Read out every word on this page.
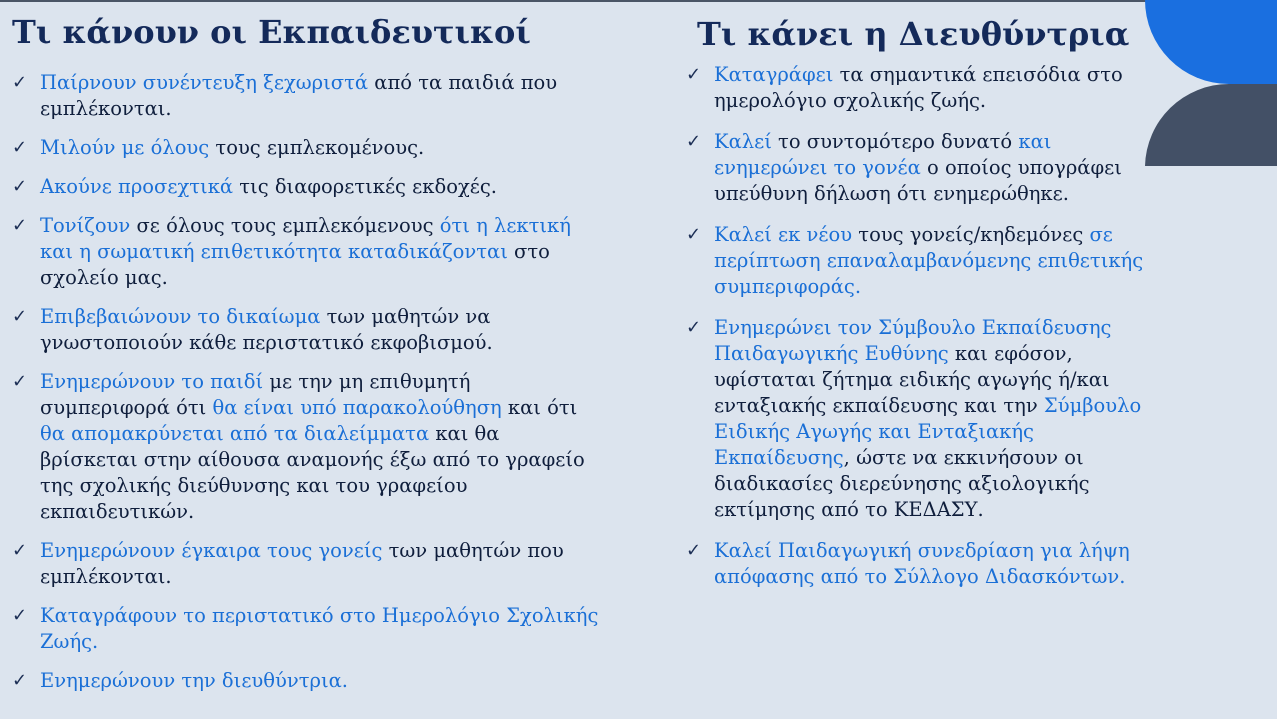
Τι κάνουν οι Εκπαιδευτικοί	Τι κάνει η Διευθύντρια
✓ Παίρνουν συνέντευξη ξεχωριστά από τα παιδιά που εμπλέκονται.
✓ Μιλούν με όλους τους εμπλεκομένους.
✓ Ακούνε προσεχτικά τις διαφορετικές εκδοχές.
✓ Τονίζουν σε όλους τους εμπλεκόμενους ότι η λεκτική και η σωματική επιθετικότητα καταδικάζονται στο σχολείο μας.
✓ Επιβεβαιώνουν το δικαίωμα των μαθητών να γνωστοποιούν κάθε περιστατικό εκφοβισμού.
✓ Ενημερώνουν το παιδί με την μη επιθυμητή συμπεριφορά ότι θα είναι υπό παρακολούθηση και ότι θα απομακρύνεται από τα διαλείμματα και θα βρίσκεται στην αίθουσα αναμονής έξω από το γραφείο της σχολικής διεύθυνσης και του γραφείου εκπαιδευτικών.
✓ Ενημερώνουν έγκαιρα τους γονείς των μαθητών που εμπλέκονται.
✓ Καταγράφουν το περιστατικό στο Ημερολόγιο Σχολικής Ζωής.
✓ Ενημερώνουν την διευθύντρια.
✓ Καταγράφει τα σημαντικά επεισόδια στο ημερολόγιο σχολικής ζωής.
✓ Καλεί το συντομότερο δυνατό και ενημερώνει το γονέα ο οποίος υπογράφει υπεύθυνη δήλωση ότι ενημερώθηκε.
✓ Καλεί εκ νέου τους γονείς/κηδεμόνες σε περίπτωση επαναλαμβανόμενης επιθετικής συμπεριφοράς.
✓ Ενημερώνει τον Σύμβουλο Εκπαίδευσης Παιδαγωγικής Ευθύνης και εφόσον, υφίσταται ζήτημα ειδικής αγωγής ή/και ενταξιακής εκπαίδευσης και την Σύμβουλο Ειδικής Αγωγής και Ενταξιακής Εκπαίδευσης, ώστε να εκκινήσουν οι διαδικασίες διερεύνησης αξιολογικής εκτίμησης από το ΚΕΔΑΣΥ.
✓ Καλεί Παιδαγωγική συνεδρίαση για λήψη απόφασης από το Σύλλογο Διδασκόντων.
